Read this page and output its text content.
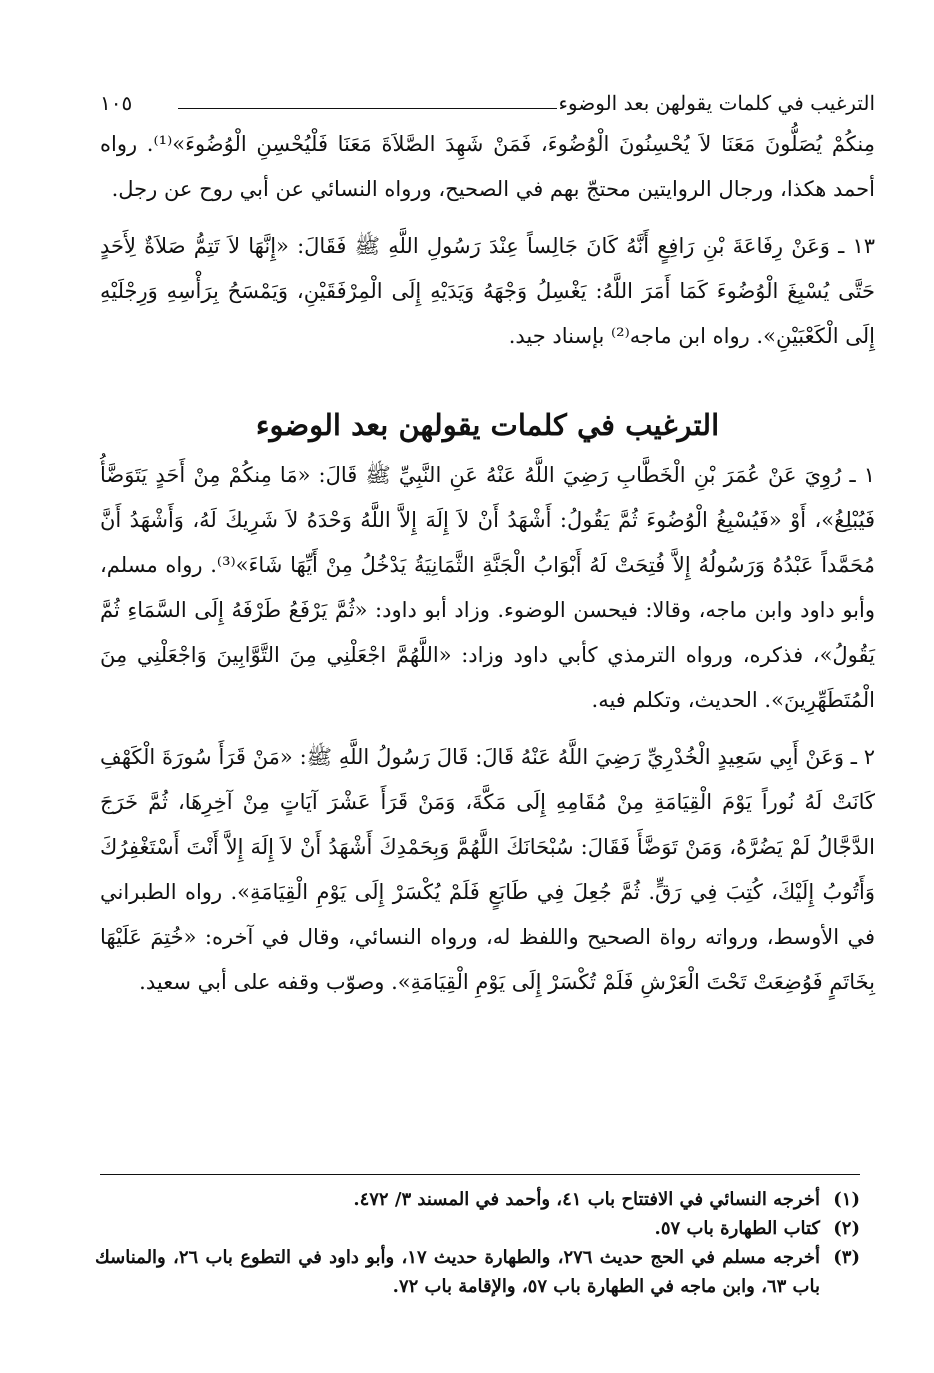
الترغيب في كلمات يقولهن بعد الوضوء
١٠٥

مِنكُمْ يُصَلُّونَ مَعَنَا لاَ يُحْسِنُونَ الْوُضُوءَ، فَمَنْ شَهِدَ الصَّلاَةَ مَعَنَا فَلْيُحْسِنِ الْوُضُوءَ»⁽¹⁾. رواه أحمد هكذا، ورجال الروايتين محتجّ بهم في الصحيح، ورواه النسائي عن أبي روح عن رجل.

١٣ ـ وَعَنْ رِفَاعَةَ بْنِ رَافِعٍ أَنَّهُ كَانَ جَالِساً عِنْدَ رَسُولِ اللَّهِ ﷺ فَقَالَ: «إِنَّهَا لاَ تَتِمُّ صَلاَةٌ لِأَحَدٍ حَتَّى يُسْبِغَ الْوُضُوءَ كَمَا أَمَرَ اللَّهُ: يَغْسِلُ وَجْهَهُ وَيَدَيْهِ إِلَى الْمِرْفَقَيْنِ، وَيَمْسَحُ بِرَأْسِهِ وَرِجْلَيْهِ إِلَى الْكَعْبَيْنِ». رواه ابن ماجه⁽²⁾ بإسناد جيد.

الترغيب في كلمات يقولهن بعد الوضوء

١ ـ رُوِيَ عَنْ عُمَرَ بْنِ الْخَطَّابِ رَضِيَ اللَّهُ عَنْهُ عَنِ النَّبِيِّ ﷺ قَالَ: «مَا مِنكُمْ مِنْ أَحَدٍ يَتَوَضَّأُ فَيُبْلِغُ»، أَوْ «فَيُسْبِغُ الْوُضُوءَ ثُمَّ يَقُولُ: أَشْهَدُ أَنْ لاَ إِلَهَ إِلاَّ اللَّهُ وَحْدَهُ لاَ شَرِيكَ لَهُ، وَأَشْهَدُ أَنَّ مُحَمَّداً عَبْدُهُ وَرَسُولُهُ إِلاَّ فُتِحَتْ لَهُ أَبْوَابُ الْجَنَّةِ الثَّمَانِيَةُ يَدْخُلُ مِنْ أَيِّهَا شَاءَ»⁽³⁾. رواه مسلم، وأبو داود وابن ماجه، وقالا: فيحسن الوضوء. وزاد أبو داود: «ثُمَّ يَرْفَعُ طَرْفَهُ إِلَى السَّمَاءِ ثُمَّ يَقُولُ»، فذكره، ورواه الترمذي كأبي داود وزاد: «اللَّهُمَّ اجْعَلْنِي مِنَ التَّوَّابِينَ وَاجْعَلْنِي مِنَ الْمُتَطَهِّرِينَ». الحديث، وتكلم فيه.

٢ ـ وَعَنْ أَبِي سَعِيدٍ الْخُدْرِيِّ رَضِيَ اللَّهُ عَنْهُ قَالَ: قَالَ رَسُولُ اللَّهِ ﷺ: «مَنْ قَرَأَ سُورَةَ الْكَهْفِ كَانَتْ لَهُ نُوراً يَوْمَ الْقِيَامَةِ مِنْ مُقَامِهِ إِلَى مَكَّةَ، وَمَنْ قَرَأَ عَشْرَ آيَاتٍ مِنْ آخِرِهَا، ثُمَّ خَرَجَ الدَّجَّالُ لَمْ يَضُرَّهُ، وَمَنْ تَوَضَّأَ فَقَالَ: سُبْحَانَكَ اللَّهُمَّ وَبِحَمْدِكَ أَشْهَدُ أَنْ لاَ إِلَهَ إِلاَّ أَنْتَ أَسْتَغْفِرُكَ وَأَتُوبُ إِلَيْكَ، كُتِبَ فِي رَقٍّ. ثُمَّ جُعِلَ فِي طَابَعٍ فَلَمْ يُكْسَرْ إِلَى يَوْمِ الْقِيَامَةِ». رواه الطبراني في الأوسط، ورواته رواة الصحيح واللفظ له، ورواه النسائي، وقال في آخره: «خُتِمَ عَلَيْهَا بِخَاتَمٍ فَوُضِعَتْ تَحْتَ الْعَرْشِ فَلَمْ تُكْسَرْ إِلَى يَوْمِ الْقِيَامَةِ». وصوّب وقفه على أبي سعيد.

(١)
أخرجه النسائي في الافتتاح باب ٤١، وأحمد في المسند ٣/ ٤٧٢.
(٢)
كتاب الطهارة باب ٥٧.
(٣)
أخرجه مسلم في الحج حديث ٢٧٦، والطهارة حديث ١٧، وأبو داود في التطوع باب ٢٦، والمناسك باب ٦٣، وابن ماجه في الطهارة باب ٥٧، والإقامة باب ٧٢.
